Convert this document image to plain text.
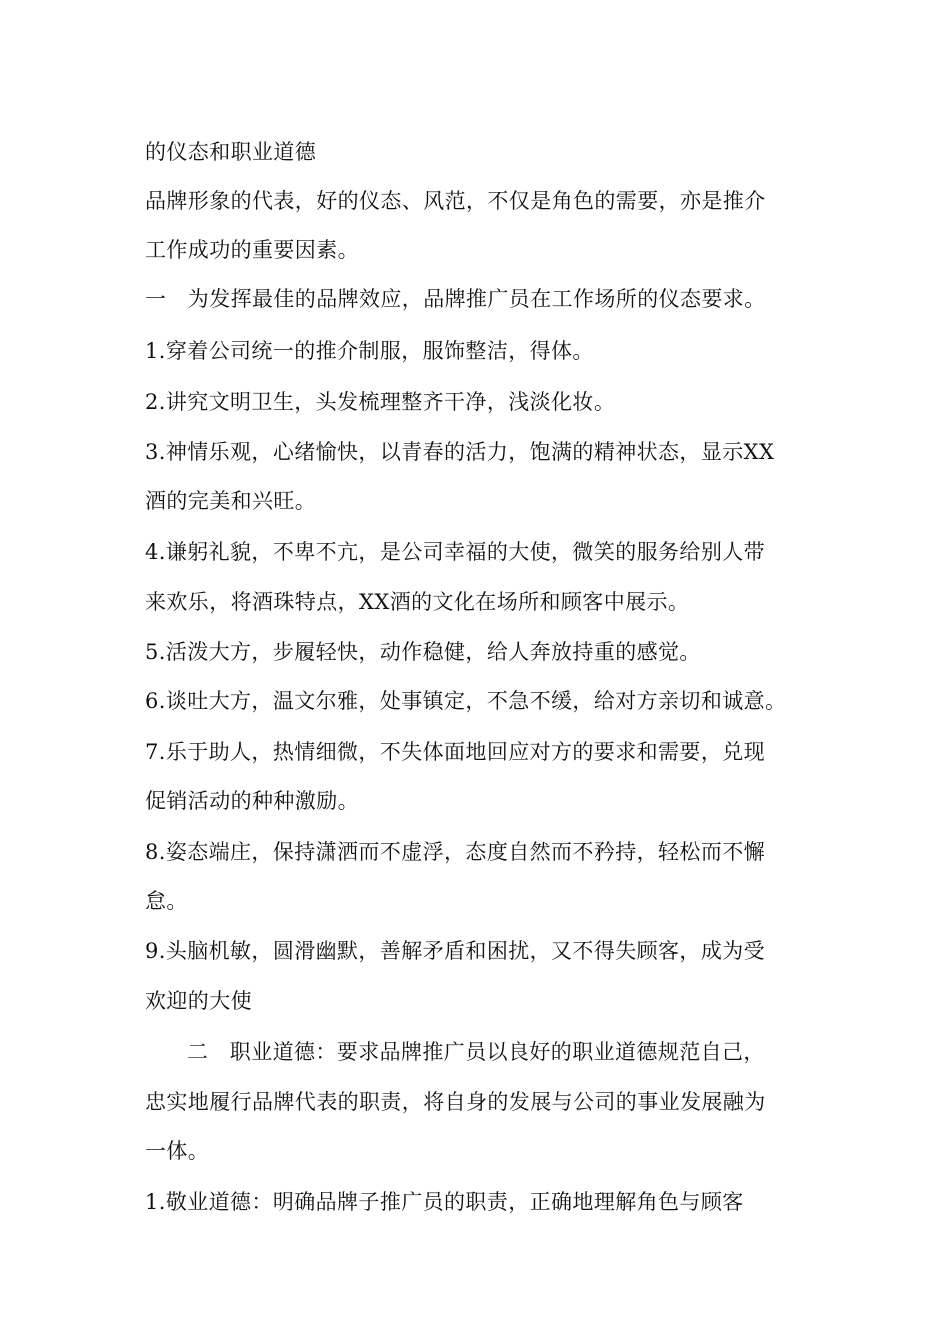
的仪态和职业道德

品牌形象的代表，好的仪态、风范，不仅是角色的需要，亦是推介

工作成功的重要因素。

一　为发挥最佳的品牌效应，品牌推广员在工作场所的仪态要求。

1.穿着公司统一的推介制服，服饰整洁，得体。

2.讲究文明卫生，头发梳理整齐干净，浅淡化妆。

3.神情乐观，心绪愉快，以青春的活力，饱满的精神状态，显示XX

酒的完美和兴旺。

4.谦躬礼貌，不卑不亢，是公司幸福的大使，微笑的服务给别人带

来欢乐，将酒珠特点，XX酒的文化在场所和顾客中展示。

5.活泼大方，步履轻快，动作稳健，给人奔放持重的感觉。

6.谈吐大方，温文尔雅，处事镇定，不急不缓，给对方亲切和诚意。

7.乐于助人，热情细微，不失体面地回应对方的要求和需要，兑现

促销活动的种种激励。

8.姿态端庄，保持潇洒而不虚浮，态度自然而不矜持，轻松而不懈

怠。

9.头脑机敏，圆滑幽默，善解矛盾和困扰，又不得失顾客，成为受

欢迎的大使

二　职业道德：要求品牌推广员以良好的职业道德规范自己，

忠实地履行品牌代表的职责，将自身的发展与公司的事业发展融为

一体。

1.敬业道德：明确品牌子推广员的职责，正确地理解角色与顾客
